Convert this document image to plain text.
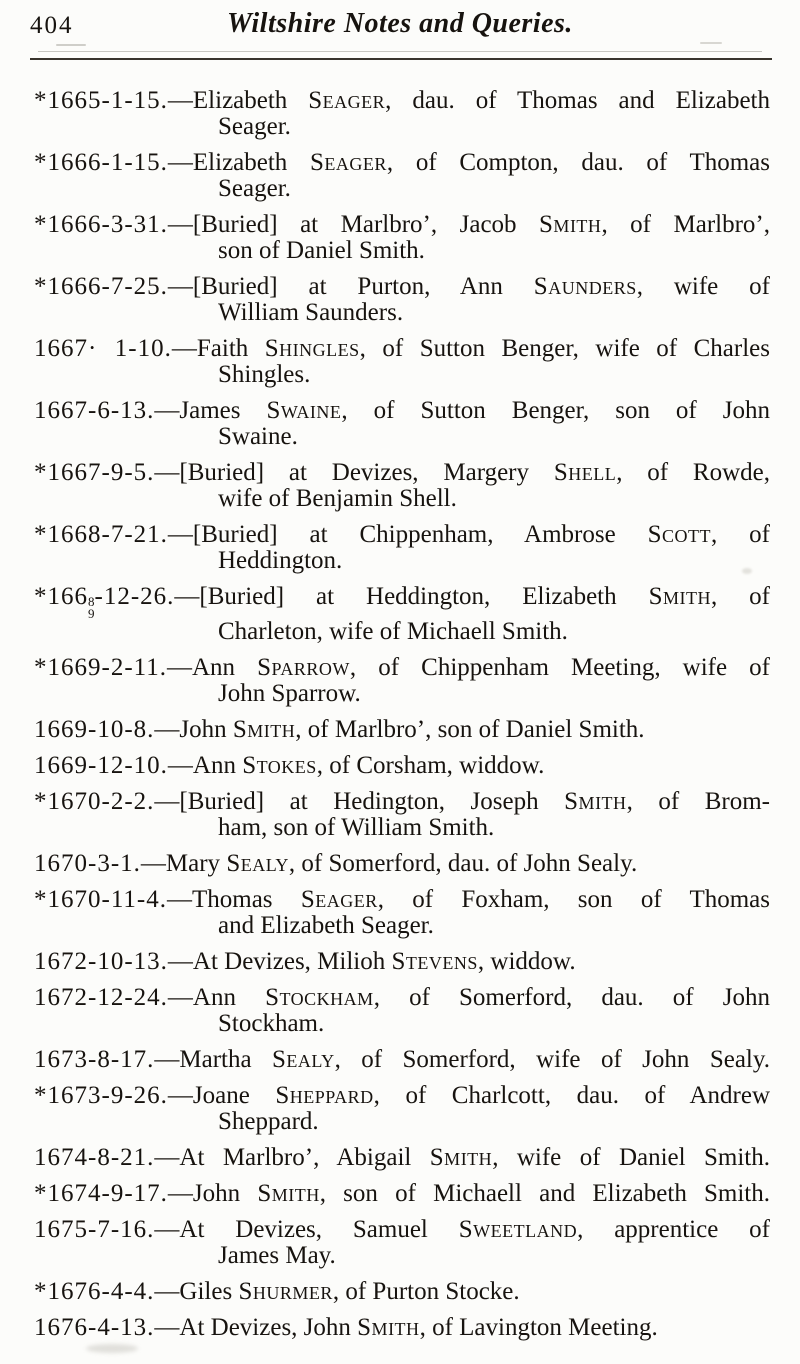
404	Wiltshire Notes and Queries.
*1665-1-15.—Elizabeth Seager, dau. of Thomas and Elizabeth
Seager.
*1666-1-15.—Elizabeth Seager, of Compton, dau. of Thomas
Seager.
*1666-3-31.—[Buried] at Marlbro’, Jacob Smith, of Marlbro’,
son of Daniel Smith.
*1666-7-25.—[Buried] at Purton, Ann Saunders, wife of
William Saunders.
1667· 1-10.—Faith Shingles, of Sutton Benger, wife of Charles
Shingles.
1667-6-13.—James Swaine, of Sutton Benger, son of John
Swaine.
*1667-9-5.—[Buried] at Devizes, Margery Shell, of Rowde,
wife of Benjamin Shell.
*1668-7-21.—[Buried] at Chippenham, Ambrose Scott, of
Heddington.
*166 8
9
-12-26.—[Buried] at Heddington, Elizabeth Smith, of
Charleton, wife of Michaell Smith.
*1669-2-11.—Ann Sparrow, of Chippenham Meeting, wife of
John Sparrow.
1669-10-8.—John Smith, of Marlbro’, son of Daniel Smith.
1669-12-10.—Ann Stokes, of Corsham, widdow.
*1670-2-2.—[Buried] at Hedington, Joseph Smith, of Brom-
ham, son of William Smith.
1670-3-1.—Mary Sealy, of Somerford, dau. of John Sealy.
*1670-11-4.—Thomas Seager, of Foxham, son of Thomas
and Elizabeth Seager.
1672-10-13.—At Devizes, Milioh Stevens, widdow.
1672-12-24.—Ann Stockham, of Somerford, dau. of John
Stockham.
1673-8-17.—Martha Sealy, of Somerford, wife of John Sealy.
*1673-9-26.—Joane Sheppard, of Charlcott, dau. of Andrew
Sheppard.
1674-8-21.—At Marlbro’, Abigail Smith, wife of Daniel Smith.
*1674-9-17.—John Smith, son of Michaell and Elizabeth Smith.
1675-7-16.—At Devizes, Samuel Sweetland, apprentice of
James May.
*1676-4-4.—Giles Shurmer, of Purton Stocke.
1676-4-13.—At Devizes, John Smith, of Lavington Meeting.
